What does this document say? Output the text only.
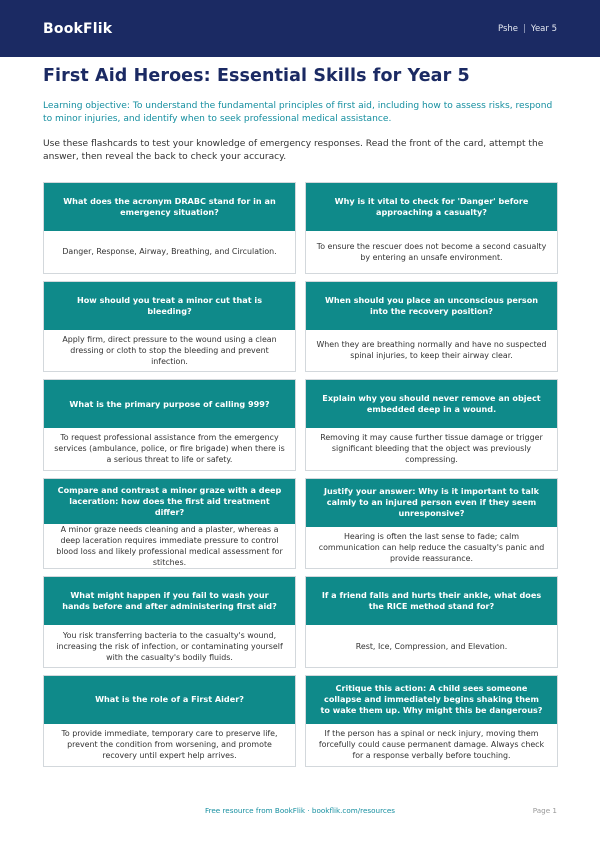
BookFlik	Pshe | Year 5
First Aid Heroes: Essential Skills for Year 5

Learning objective: To understand the fundamental principles of first aid, including how to assess risks, respond to minor injuries, and identify when to seek professional medical assistance.

Use these flashcards to test your knowledge of emergency responses. Read the front of the card, attempt the answer, then reveal the back to check your accuracy.

What does the acronym DRABC stand for in an emergency situation?
Danger, Response, Airway, Breathing, and Circulation.
Why is it vital to check for 'Danger' before approaching a casualty?
To ensure the rescuer does not become a second casualty by entering an unsafe environment.
How should you treat a minor cut that is bleeding?
Apply firm, direct pressure to the wound using a clean dressing or cloth to stop the bleeding and prevent infection.
When should you place an unconscious person into the recovery position?
When they are breathing normally and have no suspected spinal injuries, to keep their airway clear.
What is the primary purpose of calling 999?
To request professional assistance from the emergency services (ambulance, police, or fire brigade) when there is a serious threat to life or safety.
Explain why you should never remove an object embedded deep in a wound.
Removing it may cause further tissue damage or trigger significant bleeding that the object was previously compressing.
Compare and contrast a minor graze with a deep laceration: how does the first aid treatment differ?
A minor graze needs cleaning and a plaster, whereas a deep laceration requires immediate pressure to control blood loss and likely professional medical assessment for stitches.
Justify your answer: Why is it important to talk calmly to an injured person even if they seem unresponsive?
Hearing is often the last sense to fade; calm communication can help reduce the casualty's panic and provide reassurance.
What might happen if you fail to wash your hands before and after administering first aid?
You risk transferring bacteria to the casualty's wound, increasing the risk of infection, or contaminating yourself with the casualty's bodily fluids.
If a friend falls and hurts their ankle, what does the RICE method stand for?
Rest, Ice, Compression, and Elevation.
What is the role of a First Aider?
To provide immediate, temporary care to preserve life, prevent the condition from worsening, and promote recovery until expert help arrives.
Critique this action: A child sees someone collapse and immediately begins shaking them to wake them up. Why might this be dangerous?
If the person has a spinal or neck injury, moving them forcefully could cause permanent damage. Always check for a response verbally before touching.
Free resource from BookFlik · bookflik.com/resources	Page 1
